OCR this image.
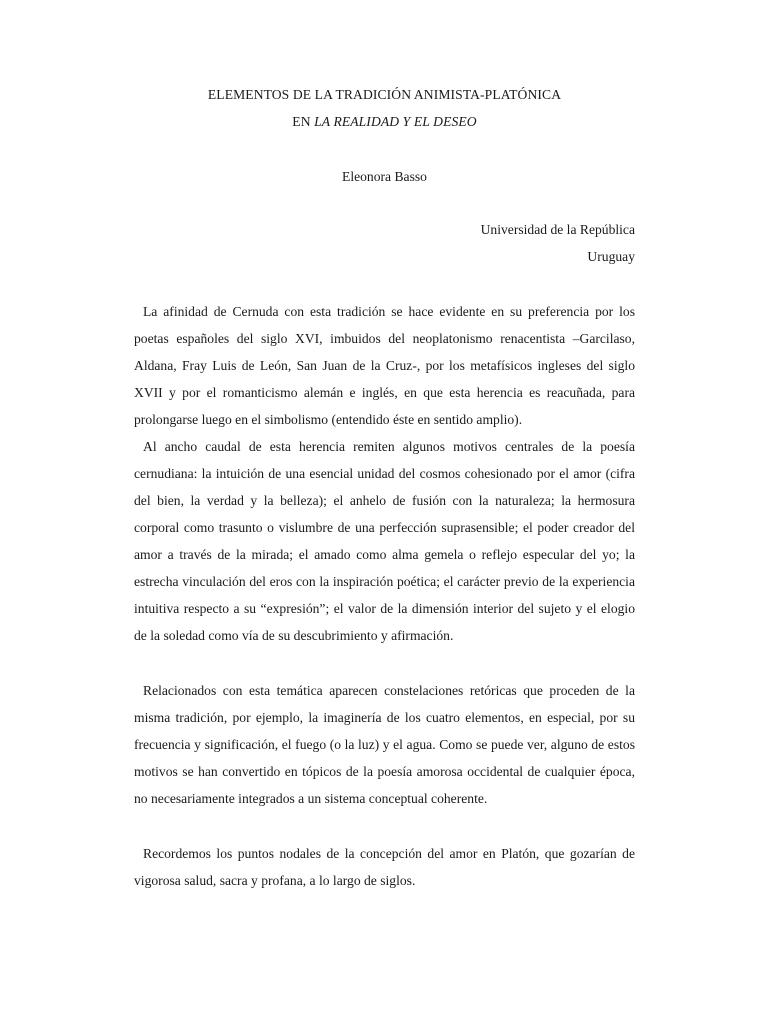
ELEMENTOS DE LA TRADICIÓN ANIMISTA-PLATÓNICA
EN LA REALIDAD Y EL DESEO
Eleonora Basso
Universidad de la República
Uruguay

La afinidad de Cernuda con esta tradición se hace evidente en su preferencia por los poetas españoles del siglo XVI, imbuidos del neoplatonismo renacentista –Garcilaso, Aldana, Fray Luis de León, San Juan de la Cruz-, por los metafísicos ingleses del siglo XVII y por el romanticismo alemán e inglés, en que esta herencia es reacuñada, para prolongarse luego en el simbolismo (entendido éste en sentido amplio).

Al ancho caudal de esta herencia remiten algunos motivos centrales de la poesía cernudiana: la intuición de una esencial unidad del cosmos cohesionado por el amor (cifra del bien, la verdad y la belleza); el anhelo de fusión con la naturaleza; la hermosura corporal como trasunto o vislumbre de una perfección suprasensible; el poder creador del amor a través de la mirada; el amado como alma gemela o reflejo especular del yo; la estrecha vinculación del eros con la inspiración poética; el carácter previo de la experiencia intuitiva respecto a su “expresión”; el valor de la dimensión interior del sujeto y el elogio de la soledad como vía de su descubrimiento y afirmación.

Relacionados con esta temática aparecen constelaciones retóricas que proceden de la misma tradición, por ejemplo, la imaginería de los cuatro elementos, en especial, por su frecuencia y significación, el fuego (o la luz) y el agua. Como se puede ver, alguno de estos motivos se han convertido en tópicos de la poesía amorosa occidental de cualquier época, no necesariamente integrados a un sistema conceptual coherente.

Recordemos los puntos nodales de la concepción del amor en Platón, que gozarían de vigorosa salud, sacra y profana, a lo largo de siglos.
